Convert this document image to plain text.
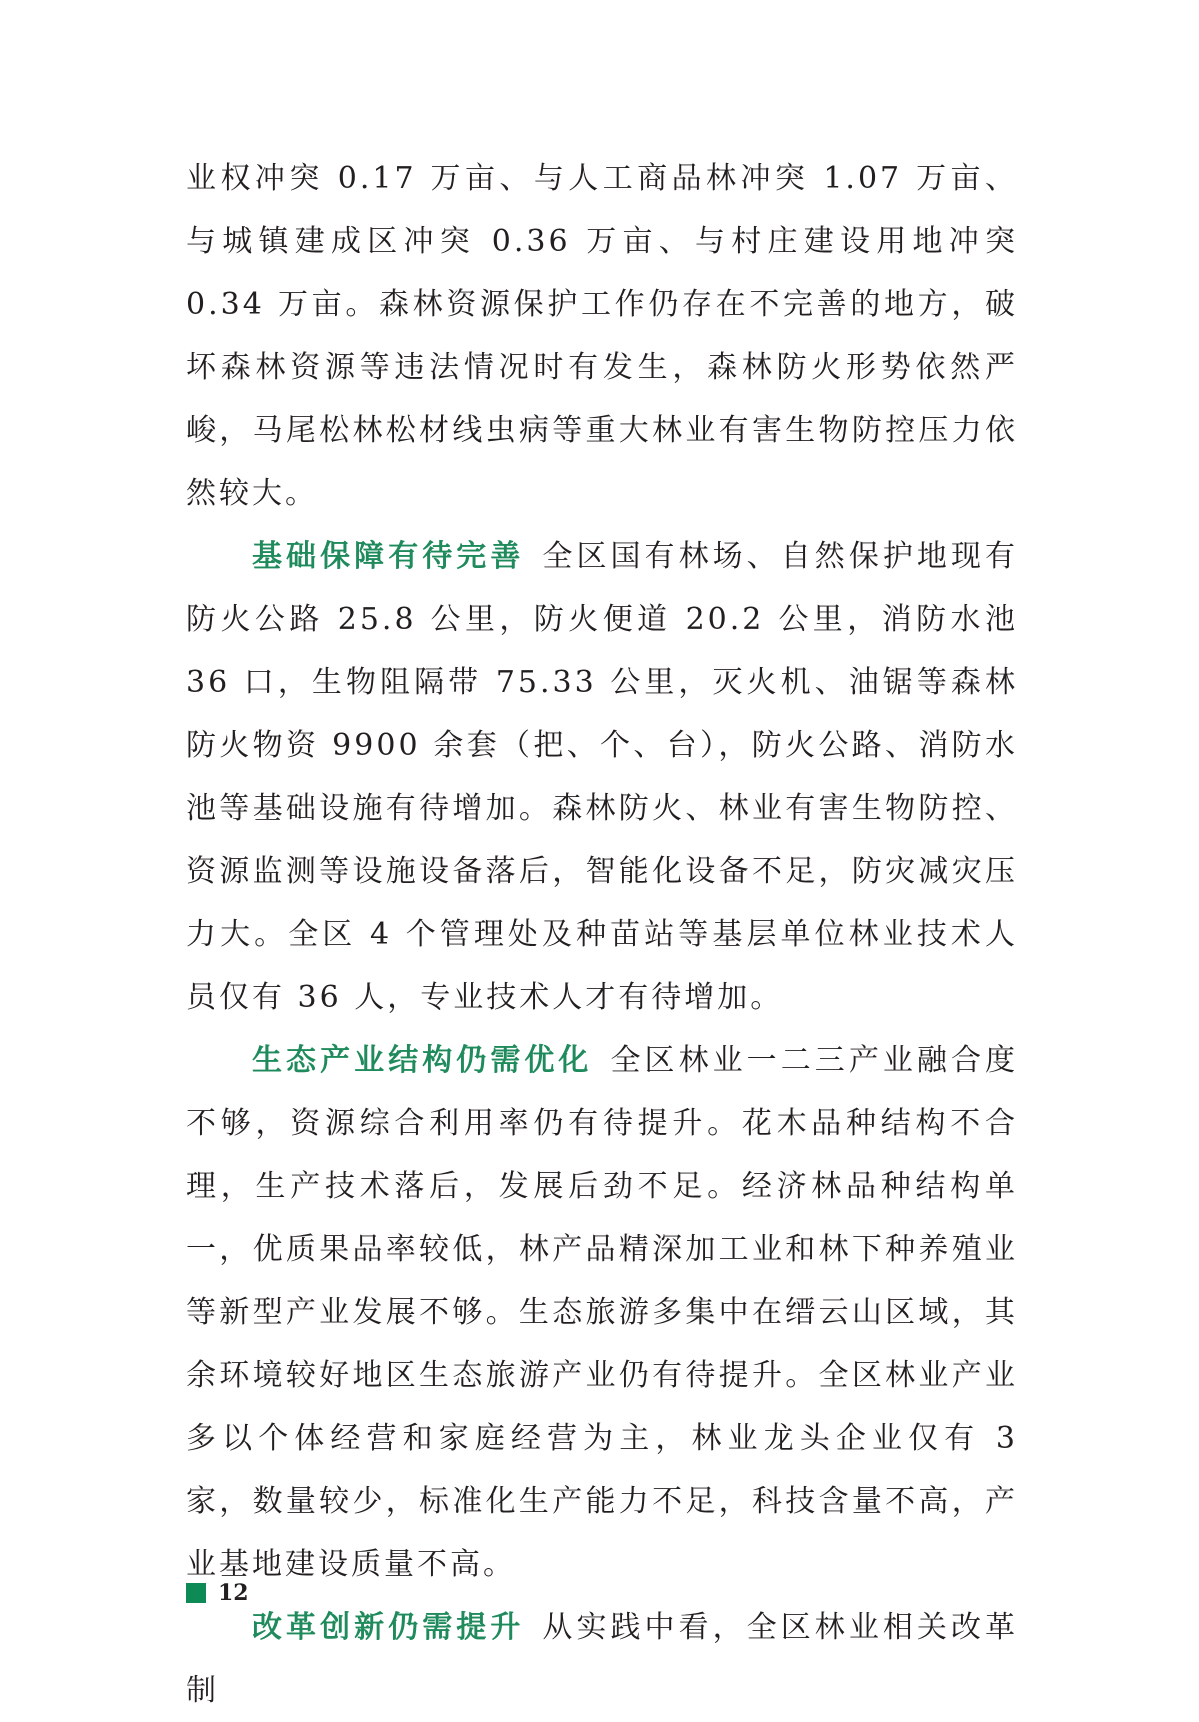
业权冲突 0.17 万亩、与人工商品林冲突 1.07 万亩、与城镇建成区冲突 0.36 万亩、与村庄建设用地冲突 0.34 万亩。森林资源保护工作仍存在不完善的地方，破坏森林资源等违法情况时有发生，森林防火形势依然严峻，马尾松林松材线虫病等重大林业有害生物防控压力依然较大。

基础保障有待完善 全区国有林场、自然保护地现有防火公路 25.8 公里，防火便道 20.2 公里，消防水池 36 口，生物阻隔带 75.33 公里，灭火机、油锯等森林防火物资 9900 余套（把、个、台），防火公路、消防水池等基础设施有待增加。森林防火、林业有害生物防控、资源监测等设施设备落后，智能化设备不足，防灾减灾压力大。全区 4 个管理处及种苗站等基层单位林业技术人员仅有 36 人，专业技术人才有待增加。

生态产业结构仍需优化 全区林业一二三产业融合度不够，资源综合利用率仍有待提升。花木品种结构不合理，生产技术落后，发展后劲不足。经济林品种结构单一，优质果品率较低，林产品精深加工业和林下种养殖业等新型产业发展不够。生态旅游多集中在缙云山区域，其余环境较好地区生态旅游产业仍有待提升。全区林业产业多以个体经营和家庭经营为主，林业龙头企业仅有 3 家，数量较少，标准化生产能力不足，科技含量不高，产业基地建设质量不高。

改革创新仍需提升 从实践中看，全区林业相关改革制

12
